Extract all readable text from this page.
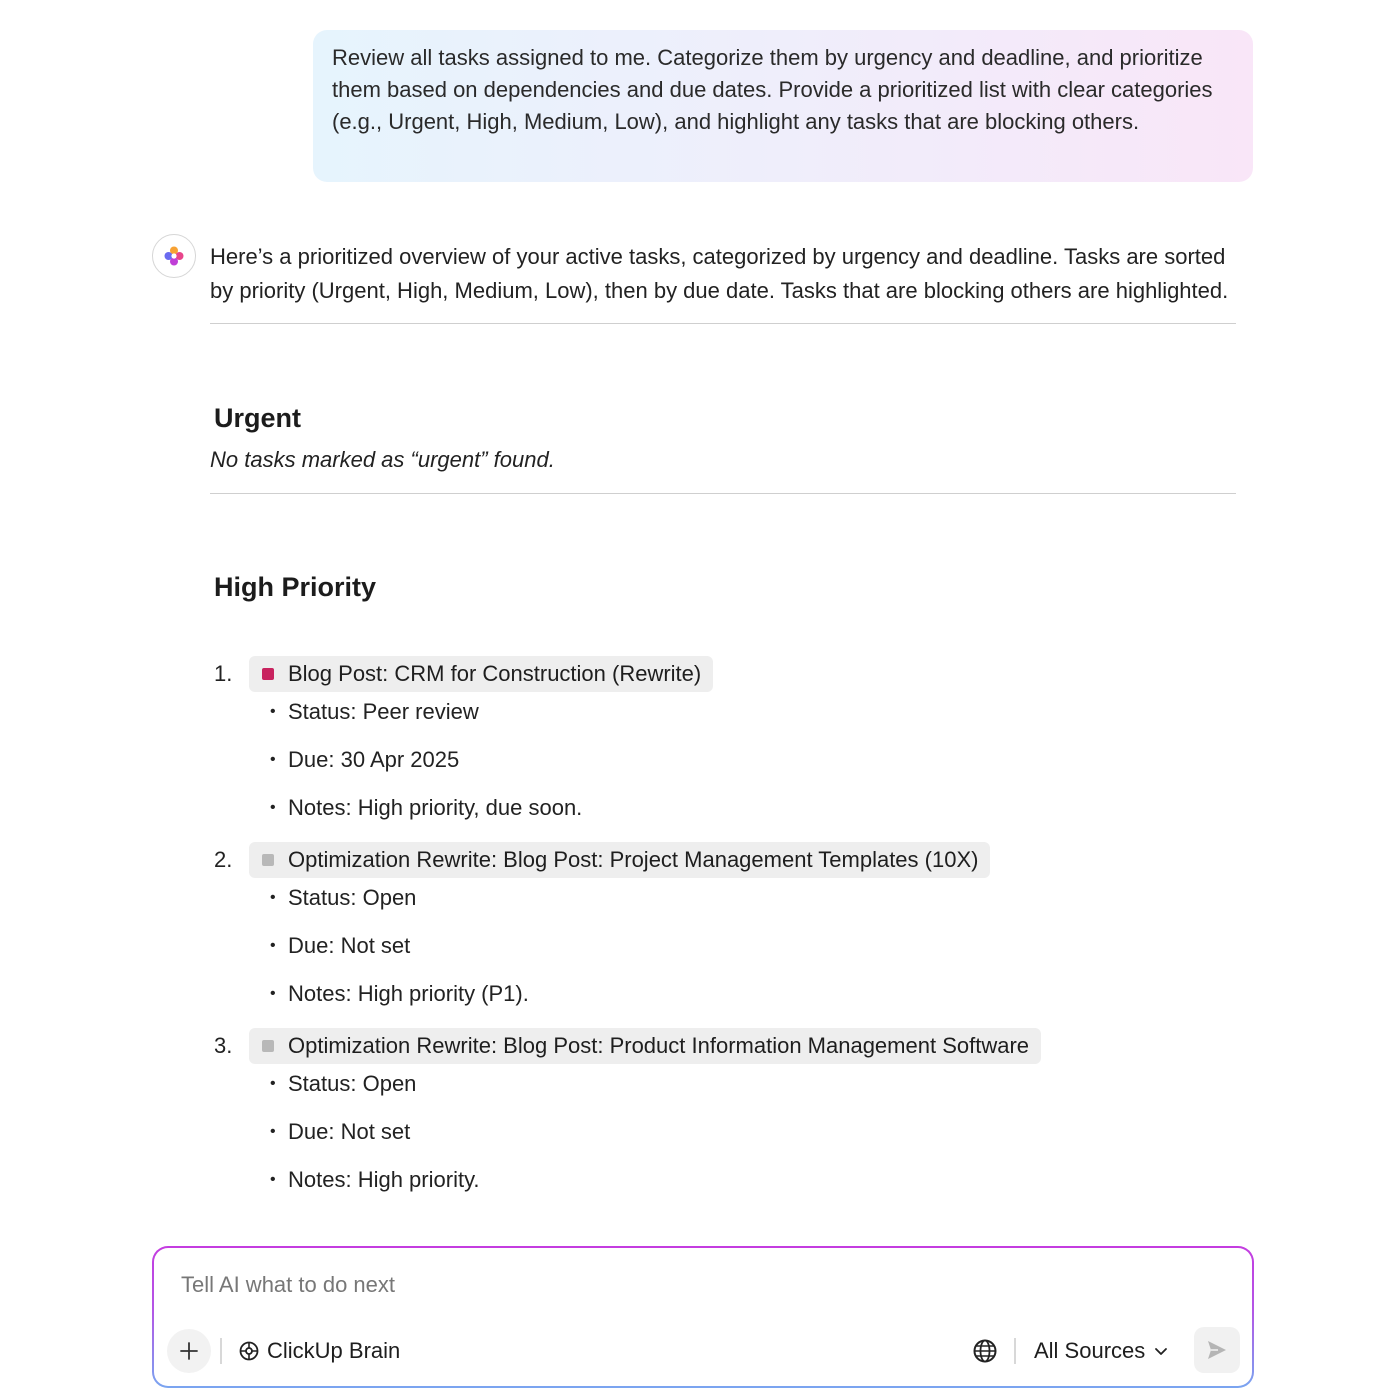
Review all tasks assigned to me. Categorize them by urgency and deadline, and prioritize them based on dependencies and due dates. Provide a prioritized list with clear categories (e.g., Urgent, High, Medium, Low), and highlight any tasks that are blocking others.

Here’s a prioritized overview of your active tasks, categorized by urgency and deadline. Tasks are sorted by priority (Urgent, High, Medium, Low), then by due date. Tasks that are blocking others are highlighted.

Urgent

No tasks marked as “urgent” found.

High Priority
1.	Blog Post: CRM for Construction (Rewrite)
• Status: Peer review
• Due: 30 Apr 2025
• Notes: High priority, due soon.
2.	Optimization Rewrite: Blog Post: Project Management Templates (10X)
• Status: Open
• Due: Not set
• Notes: High priority (P1).
3.	Optimization Rewrite: Blog Post: Product Information Management Software
• Status: Open
• Due: Not set
• Notes: High priority.
Tell AI what to do next
ClickUp Brain	All Sources
